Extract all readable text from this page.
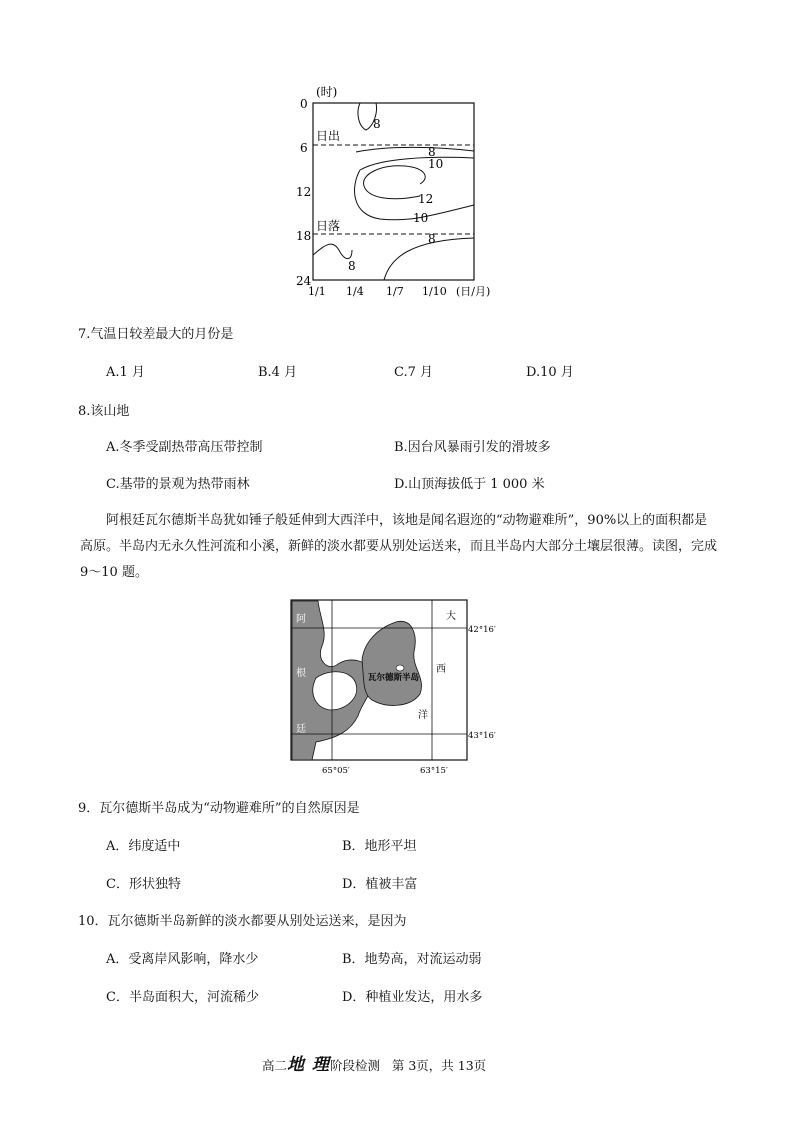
(时)
0
6
12
18
24
1/1 1/4 1/7 1/10 (日/月)
日出
日落
8
8
10
12
10
8
8
7.气温日较差最大的月份是
A.1 月	B.4 月	C.7 月	D.10 月
8.该山地
A.冬季受副热带高压带控制	B.因台风暴雨引发的滑坡多
C.基带的景观为热带雨林	D.山顶海拔低于 1 000 米
阿根廷瓦尔德斯半岛犹如锤子般延伸到大西洋中，该地是闻名遐迩的“动物避难所”，90%以上的面积都是高原。半岛内无永久性河流和小溪，新鲜的淡水都要从别处运送来，而且半岛内大部分土壤层很薄。读图，完成 9～10 题。
阿
根
廷
大
西
洋
瓦尔德斯半岛
42°16′
43°16′
65°05′	63°15′
9．瓦尔德斯半岛成为“动物避难所”的自然原因是
A．纬度适中	B．地形平坦
C．形状独特	D．植被丰富
10．瓦尔德斯半岛新鲜的淡水都要从别处运送来，是因为
A．受离岸风影响，降水少	B．地势高，对流运动弱
C．半岛面积大，河流稀少	D．种植业发达，用水多
高二地 理阶段检测 第 3页，共 13页
